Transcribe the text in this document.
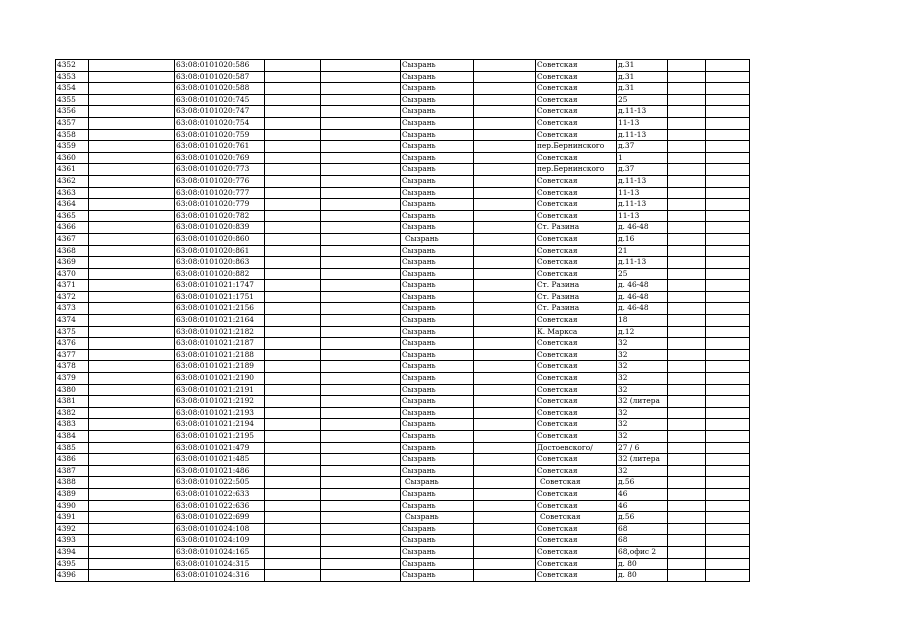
4352		63:08:0101020:586			Сызрань		Советская	д.31		
4353		63:08:0101020:587			Сызрань		Советская	д.31		
4354		63:08:0101020:588			Сызрань		Советская	д.31		
4355		63:08:0101020:745			Сызрань		Советская	25		
4356		63:08:0101020:747			Сызрань		Советская	д.11-13		
4357		63:08:0101020:754			Сызрань		Советская	11-13		
4358		63:08:0101020:759			Сызрань		Советская	д.11-13		
4359		63:08:0101020:761			Сызрань		пер.Бернинского	д.37		
4360		63:08:0101020:769			Сызрань		Советская	1		
4361		63:08:0101020:773			Сызрань		пер.Бернинского	д.37		
4362		63:08:0101020:776			Сызрань		Советская	д.11-13		
4363		63:08:0101020:777			Сызрань		Советская	11-13		
4364		63:08:0101020:779			Сызрань		Советская	д.11-13		
4365		63:08:0101020:782			Сызрань		Советская	11-13		
4366		63:08:0101020:839			Сызрань		Ст. Разина	д. 46-48		
4367		63:08:0101020:860			Сызрань		Советская	д.16		
4368		63:08:0101020:861			Сызрань		Советская	21		
4369		63:08:0101020:863			Сызрань		Советская	д.11-13		
4370		63:08:0101020:882			Сызрань		Советская	25		
4371		63:08:0101021:1747			Сызрань		Ст. Разина	д. 46-48		
4372		63:08:0101021:1751			Сызрань		Ст. Разина	д. 46-48		
4373		63:08:0101021:2156			Сызрань		Ст. Разина	д. 46-48		
4374		63:08:0101021:2164			Сызрань		Советская	18		
4375		63:08:0101021:2182			Сызрань		К. Маркса	д.12		
4376		63:08:0101021:2187			Сызрань		Советская	32		
4377		63:08:0101021:2188			Сызрань		Советская	32		
4378		63:08:0101021:2189			Сызрань		Советская	32		
4379		63:08:0101021:2190			Сызрань		Советская	32		
4380		63:08:0101021:2191			Сызрань		Советская	32		
4381		63:08:0101021:2192			Сызрань		Советская	32 (литера		
4382		63:08:0101021:2193			Сызрань		Советская	32		
4383		63:08:0101021:2194			Сызрань		Советская	32		
4384		63:08:0101021:2195			Сызрань		Советская	32		
4385		63:08:0101021:479			Сызрань		Достоевского/	27 / 6		
4386		63:08:0101021:485			Сызрань		Советская	32 (литера		
4387		63:08:0101021:486			Сызрань		Советская	32		
4388		63:08:0101022:505			Сызрань		Советская	д.56		
4389		63:08:0101022:633			Сызрань		Советская	46		
4390		63:08:0101022:636			Сызрань		Советская	46		
4391		63:08:0101022:699			Сызрань		Советская	д.56		
4392		63:08:0101024:108			Сызрань		Советская	68		
4393		63:08:0101024:109			Сызрань		Советская	68		
4394		63:08:0101024:165			Сызрань		Советская	68,офис 2		
4395		63:08:0101024:315			Сызрань		Советская	д. 80		
4396		63:08:0101024:316			Сызрань		Советская	д. 80		
